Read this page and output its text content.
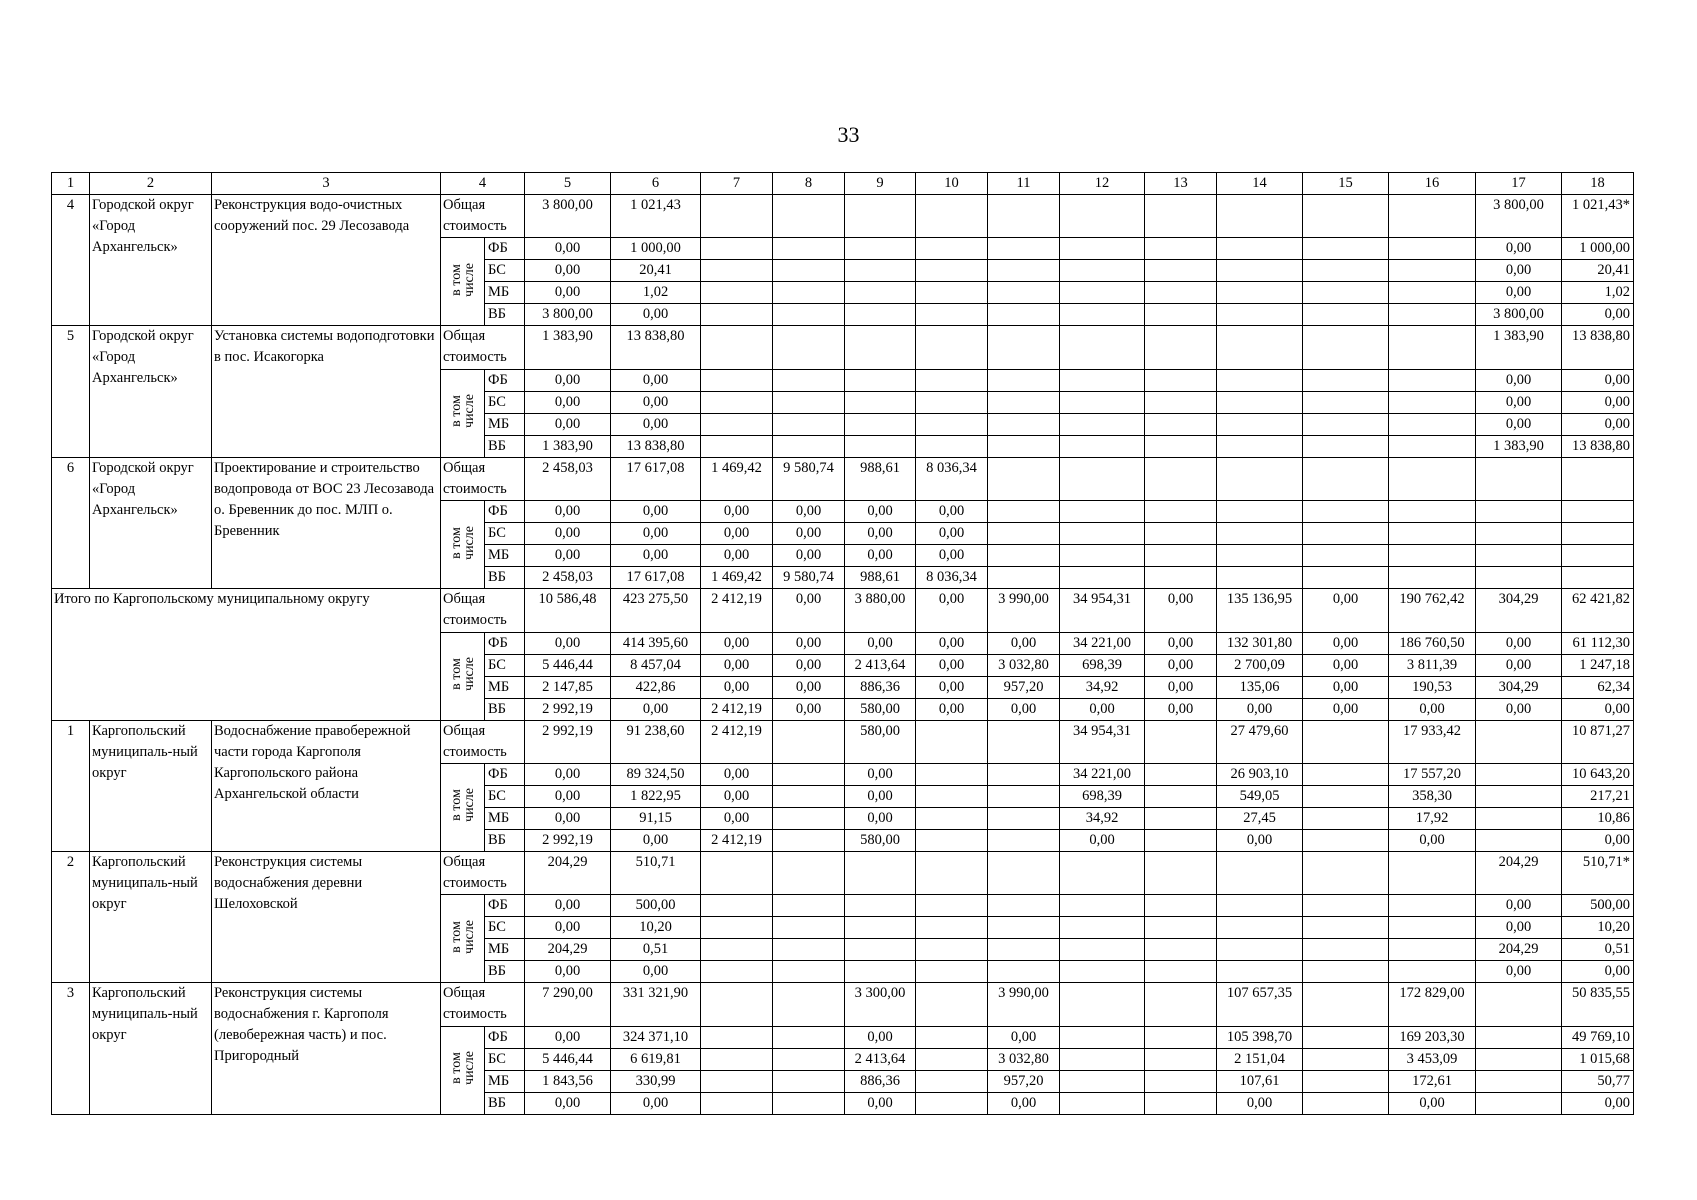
33
1	2	3	4		5	6	7	8	9	10	11	12	13	14	15	16	17	18
4	Городской округ «Город Архангельск»	Реконструкция водо-очистных сооружений пос. 29 Лесозавода	Общая
стоимость		3 800,00	1 021,43											3 800,00	1 021,43*

			в том
числе	ФБ	0,00	1 000,00											0,00	1 000,00
				БС	0,00	20,41											0,00	20,41
				МБ	0,00	1,02											0,00	1,02
				ВБ	3 800,00	0,00											3 800,00	0,00
5	Городской округ «Город Архангельск»	Установка системы водоподготовки в пос. Исакогорка	Общая
стоимость		1 383,90	13 838,80											1 383,90	13 838,80

			в том
числе	ФБ	0,00	0,00											0,00	0,00
				БС	0,00	0,00											0,00	0,00
				МБ	0,00	0,00											0,00	0,00
				ВБ	1 383,90	13 838,80											1 383,90	13 838,80
6	Городской округ «Город Архангельск»	Проектирование и строительство водопровода от ВОС 23 Лесозавода о. Бревенник до пос. МЛП о. Бревенник	Общая
стоимость		2 458,03	17 617,08	1 469,42	9 580,74	988,61	8 036,34								

			в том
числе	ФБ	0,00	0,00	0,00	0,00	0,00	0,00								
				БС	0,00	0,00	0,00	0,00	0,00	0,00								
				МБ	0,00	0,00	0,00	0,00	0,00	0,00								
				ВБ	2 458,03	17 617,08	1 469,42	9 580,74	988,61	8 036,34								
Итого по Каргопольскому муниципальному округу			Общая
стоимость		10 586,48	423 275,50	2 412,19	0,00	3 880,00	0,00	3 990,00	34 954,31	0,00	135 136,95	0,00	190 762,42	304,29	62 421,82

			в том
числе	ФБ	0,00	414 395,60	0,00	0,00	0,00	0,00	0,00	34 221,00	0,00	132 301,80	0,00	186 760,50	0,00	61 112,30
				БС	5 446,44	8 457,04	0,00	0,00	2 413,64	0,00	3 032,80	698,39	0,00	2 700,09	0,00	3 811,39	0,00	1 247,18
				МБ	2 147,85	422,86	0,00	0,00	886,36	0,00	957,20	34,92	0,00	135,06	0,00	190,53	304,29	62,34
				ВБ	2 992,19	0,00	2 412,19	0,00	580,00	0,00	0,00	0,00	0,00	0,00	0,00	0,00	0,00	0,00
1	Каргопольский муниципаль-ный округ	Водоснабжение правобережной части города Каргополя Каргопольского района Архангельской области	Общая
стоимость		2 992,19	91 238,60	2 412,19		580,00			34 954,31		27 479,60		17 933,42		10 871,27

			в том
числе	ФБ	0,00	89 324,50	0,00		0,00			34 221,00		26 903,10		17 557,20		10 643,20
				БС	0,00	1 822,95	0,00		0,00			698,39		549,05		358,30		217,21
				МБ	0,00	91,15	0,00		0,00			34,92		27,45		17,92		10,86
				ВБ	2 992,19	0,00	2 412,19		580,00			0,00		0,00		0,00		0,00
2	Каргопольский муниципаль-ный округ	Реконструкция системы водоснабжения деревни Шелоховской	Общая
стоимость		204,29	510,71											204,29	510,71*

			в том
числе	ФБ	0,00	500,00											0,00	500,00
				БС	0,00	10,20											0,00	10,20
				МБ	204,29	0,51											204,29	0,51
				ВБ	0,00	0,00											0,00	0,00
3	Каргопольский муниципаль-ный округ	Реконструкция системы водоснабжения г. Каргополя (левобережная часть) и пос. Пригородный	Общая
стоимость		7 290,00	331 321,90			3 300,00		3 990,00			107 657,35		172 829,00		50 835,55

			в том
числе	ФБ	0,00	324 371,10			0,00		0,00			105 398,70		169 203,30		49 769,10
				БС	5 446,44	6 619,81			2 413,64		3 032,80			2 151,04		3 453,09		1 015,68
				МБ	1 843,56	330,99			886,36		957,20			107,61		172,61		50,77
				ВБ	0,00	0,00			0,00		0,00			0,00		0,00		0,00
